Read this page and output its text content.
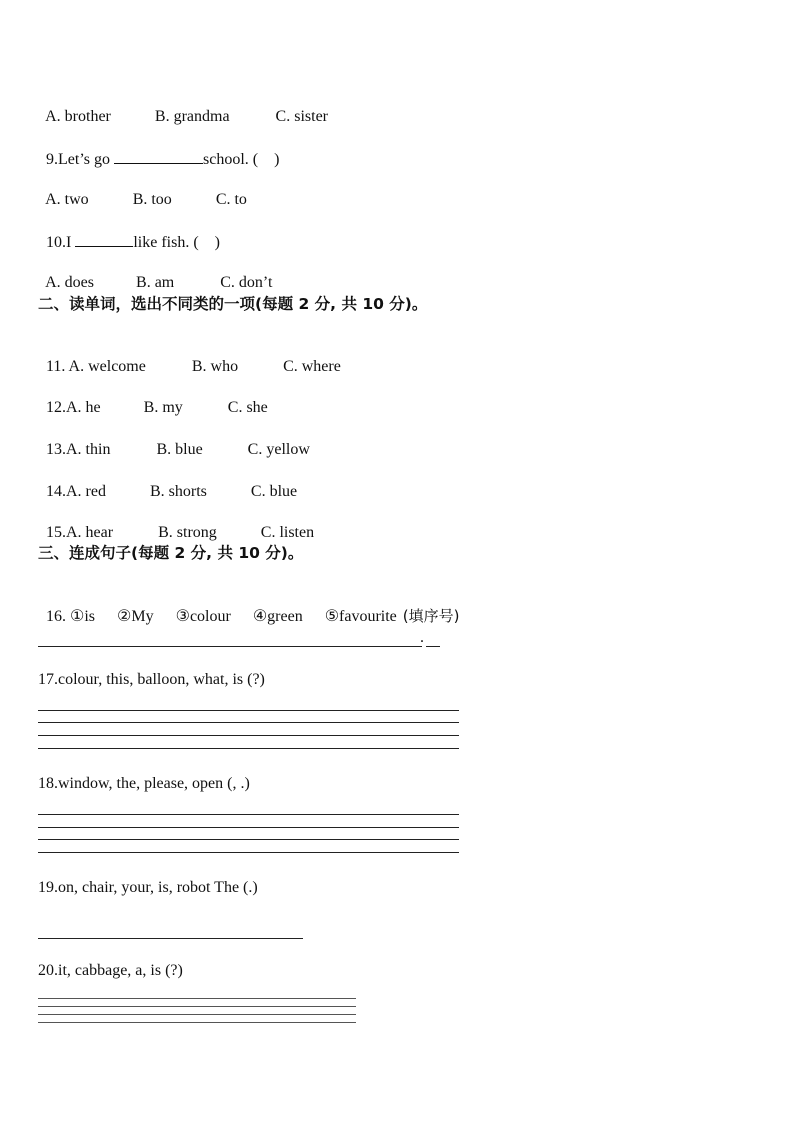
A. brother	B. grandma	C. sister

9.Let’s go	school. (    )

A. two	B. too	C. to

10.I	like fish. (    )

A. does	B. am	C. don’t

二、读单词，选出不同类的一项(每题 2 分, 共 10 分)。

11. A. welcome	B. who	C. where

12.A. he	B. my	C. she

13.A. thin	B. blue	C. yellow

14.A. red	B. shorts	C. blue

15.A. hear	B. strong	C. listen

三、连成句子(每题 2 分, 共 10 分)。

16. ①is ②My ③colour ④green ⑤favourite (填序号)

.
17.colour, this, balloon, what, is (?)
18.window, the, please, open (, .)
19.on, chair, your, is, robot The (.)
20.it, cabbage, a, is (?)
